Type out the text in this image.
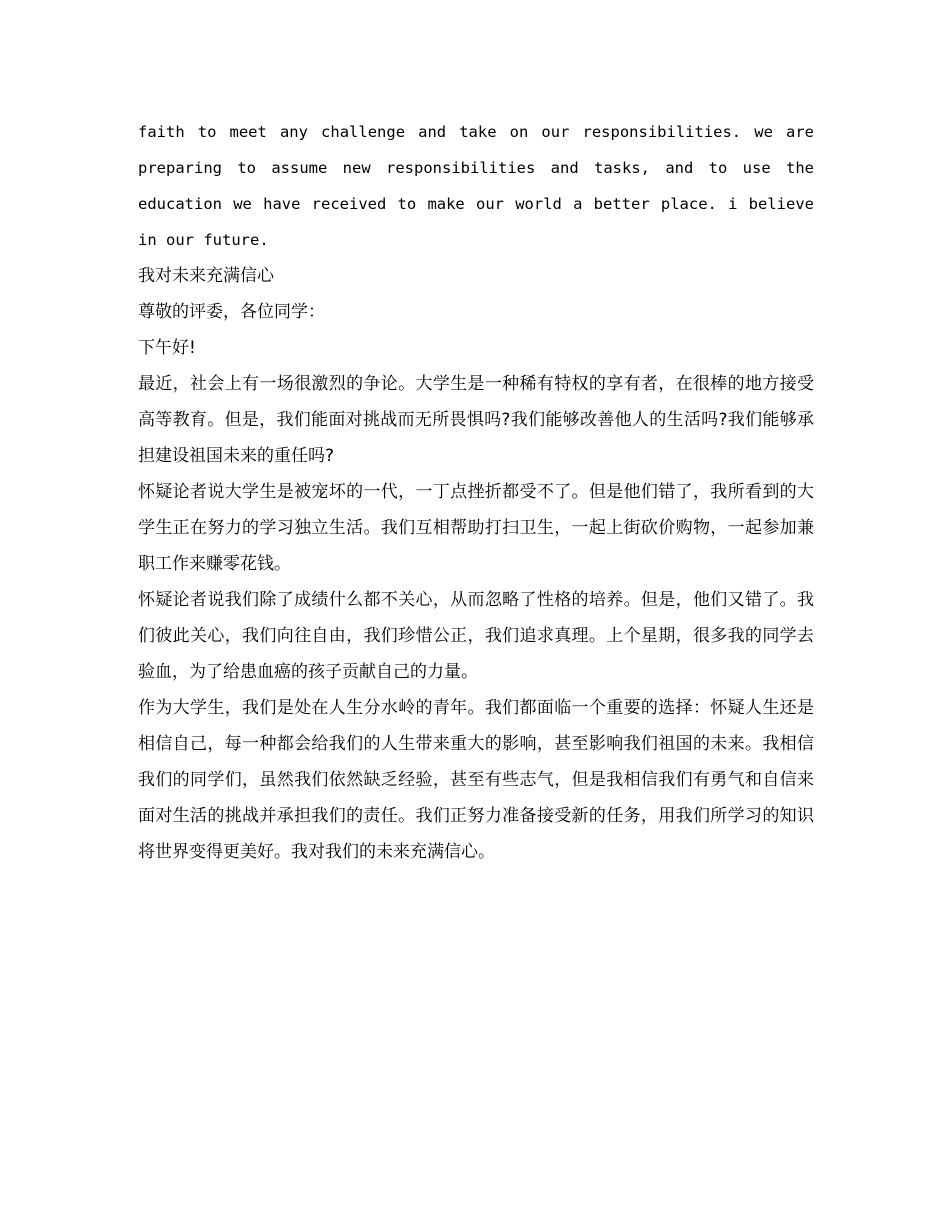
faith to meet any challenge and take on our responsibilities. we are preparing to assume new responsibilities and tasks, and to use the education we have received to make our world a better place. i believe in our future.

我对未来充满信心

尊敬的评委，各位同学：

下午好!

最近，社会上有一场很激烈的争论。大学生是一种稀有特权的享有者，在很棒的地方接受高等教育。但是，我们能面对挑战而无所畏惧吗?我们能够改善他人的生活吗?我们能够承担建设祖国未来的重任吗?

怀疑论者说大学生是被宠坏的一代，一丁点挫折都受不了。但是他们错了，我所看到的大学生正在努力的学习独立生活。我们互相帮助打扫卫生，一起上街砍价购物，一起参加兼职工作来赚零花钱。

怀疑论者说我们除了成绩什么都不关心，从而忽略了性格的培养。但是，他们又错了。我们彼此关心，我们向往自由，我们珍惜公正，我们追求真理。上个星期，很多我的同学去验血，为了给患血癌的孩子贡献自己的力量。

作为大学生，我们是处在人生分水岭的青年。我们都面临一个重要的选择：怀疑人生还是相信自己，每一种都会给我们的人生带来重大的影响，甚至影响我们祖国的未来。我相信我们的同学们，虽然我们依然缺乏经验，甚至有些志气，但是我相信我们有勇气和自信来面对生活的挑战并承担我们的责任。我们正努力准备接受新的任务，用我们所学习的知识将世界变得更美好。我对我们的未来充满信心。
